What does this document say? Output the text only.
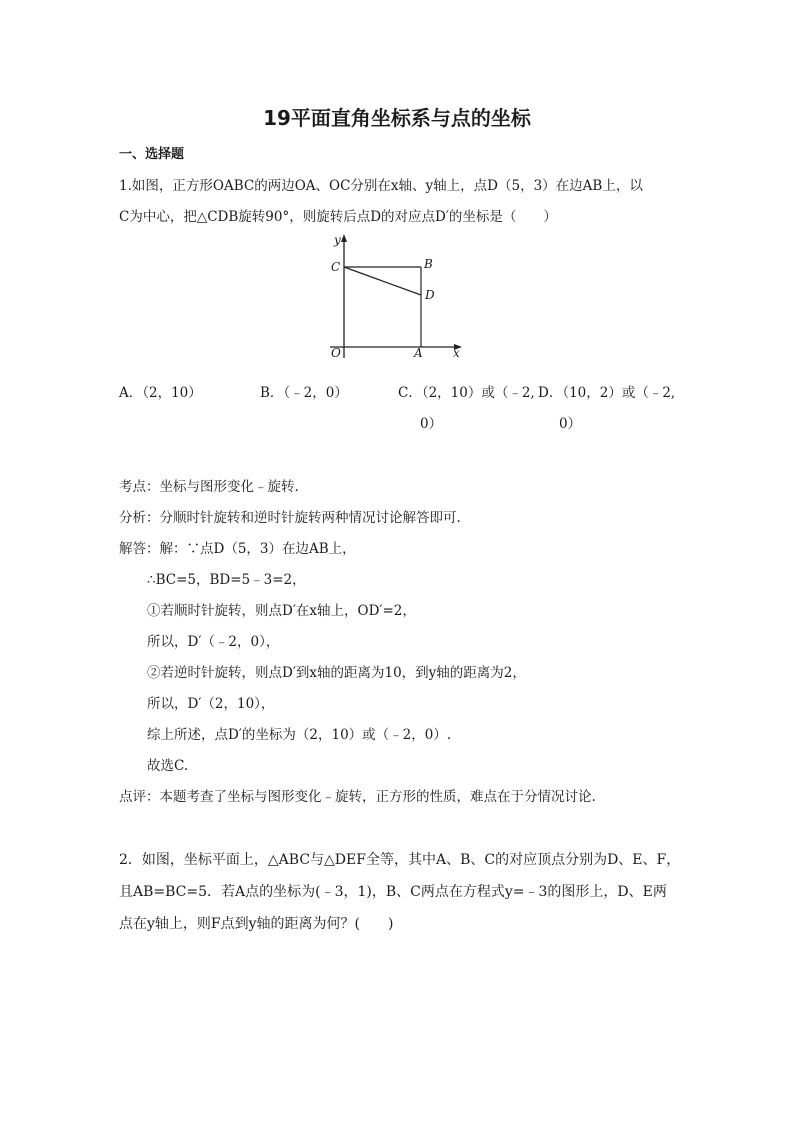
19平面直角坐标系与点的坐标
一、选择题
1.如图，正方形OABC的两边OA、OC分别在x轴、y轴上，点D（5，3）在边AB上，以
C为中心，把△CDB旋转90°，则旋转后点D的对应点D′的坐标是（　　）
y
x
O	A
B
C
D
A．（2，10）	B．（﹣2，0）	C．（2，10）或（﹣2,
0）
D．（10，2）或（﹣2,
0）
考点：坐标与图形变化﹣旋转.
分析：分顺时针旋转和逆时针旋转两种情况讨论解答即可.
解答：解：∵点D（5，3）在边AB上，
∴BC=5，BD=5﹣3=2，
①若顺时针旋转，则点D′在x轴上，OD′=2，
所以，D′（﹣2，0），
②若逆时针旋转，则点D′到x轴的距离为10，到y轴的距离为2，
所以，D′（2，10），
综上所述，点D′的坐标为（2，10）或（﹣2，0）.
故选C.
点评：本题考查了坐标与图形变化﹣旋转，正方形的性质，难点在于分情况讨论.
2．如图，坐标平面上，△ABC与△DEF全等，其中A、B、C的对应顶点分别为D、E、F，
且AB=BC=5．若A点的坐标为(﹣3，1)，B、C两点在方程式y=﹣3的图形上，D、E两
点在y轴上，则F点到y轴的距离为何？(　　)
